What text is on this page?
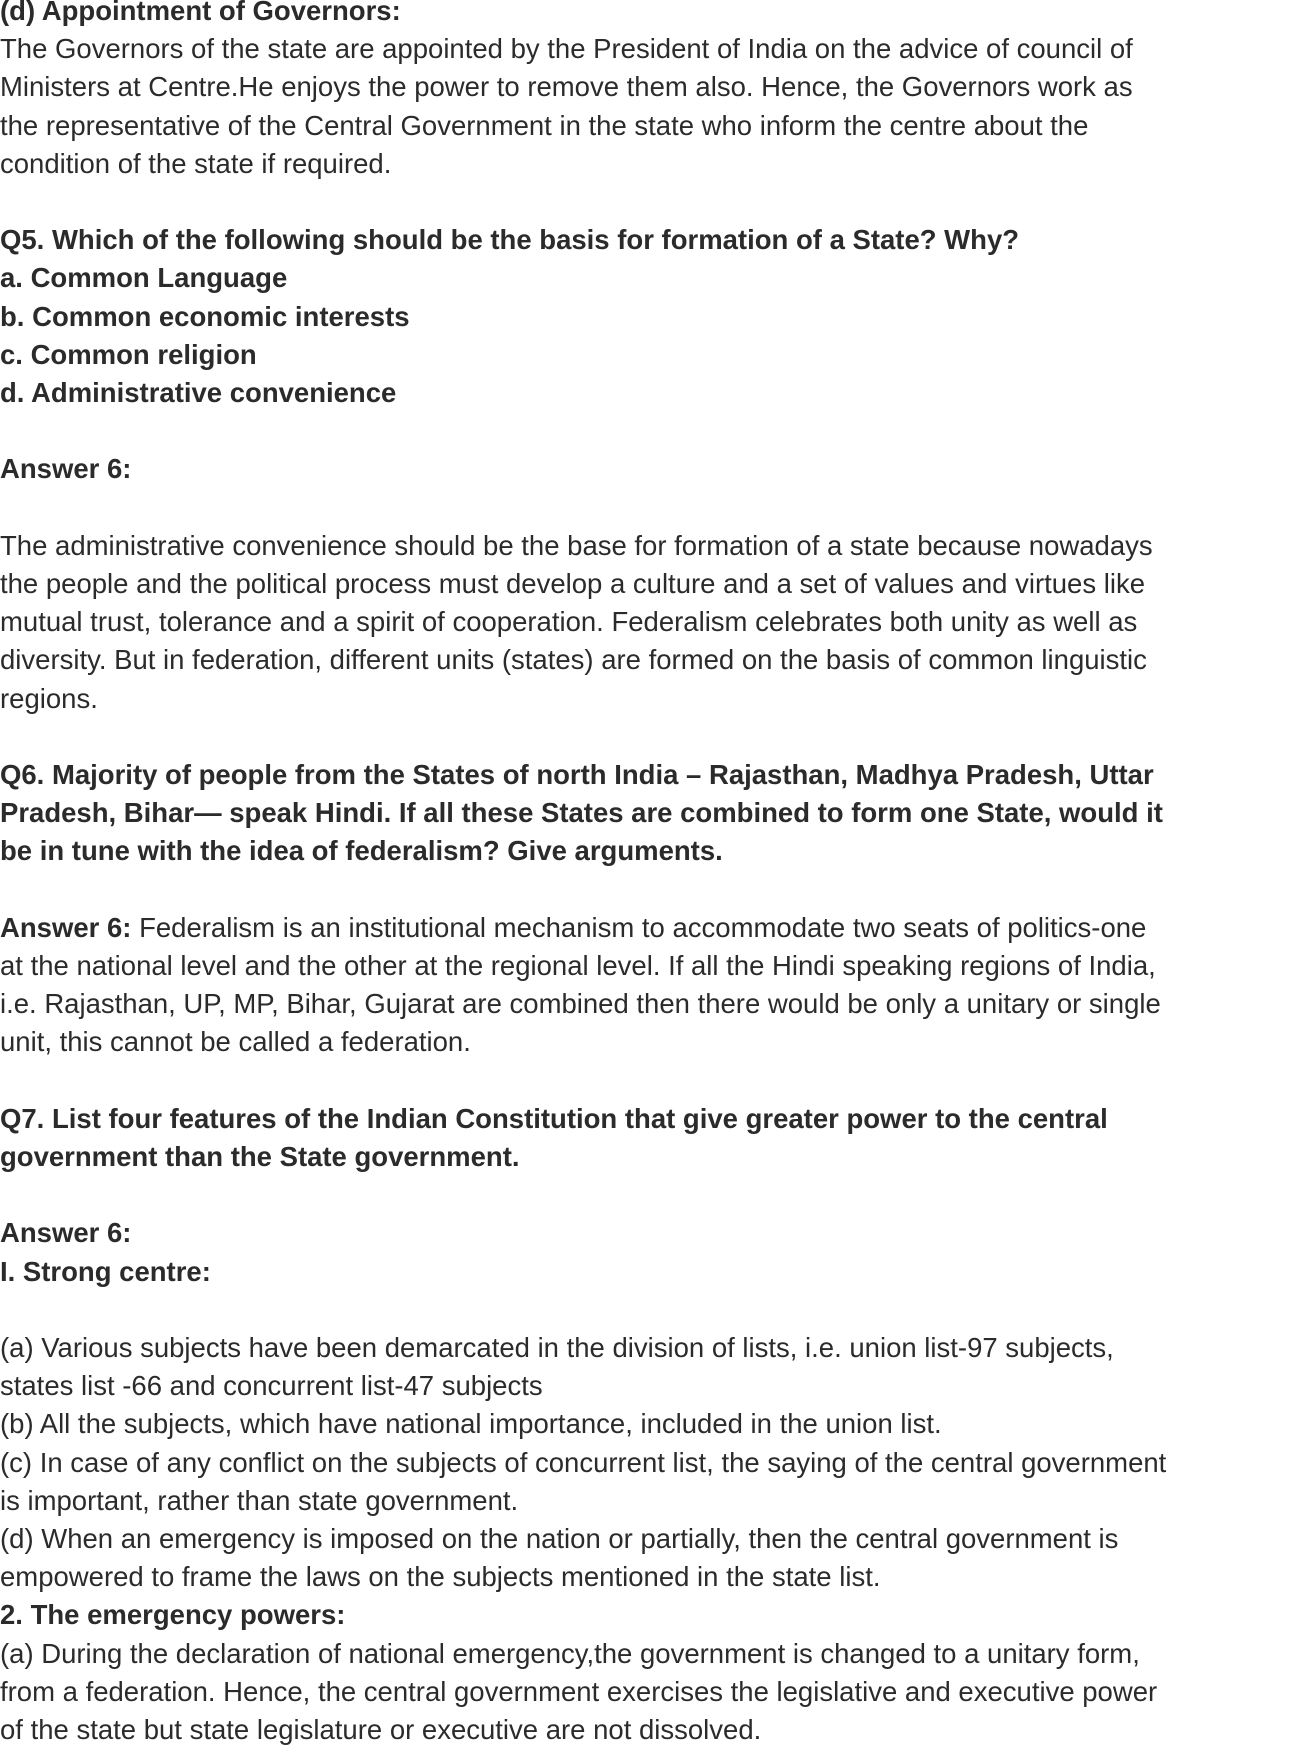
(d) Appointment of Governors:
The Governors of the state are appointed by the President of India on the advice of council of
Ministers at Centre.He enjoys the power to remove them also. Hence, the Governors work as
the representative of the Central Government in the state who inform the centre about the
condition of the state if required.
Q5. Which of the following should be the basis for formation of a State? Why?
a. Common Language
b. Common economic interests
c. Common religion
d. Administrative convenience
Answer 6:
The administrative convenience should be the base for formation of a state because nowadays
the people and the political process must develop a culture and a set of values and virtues like
mutual trust, tolerance and a spirit of cooperation. Federalism celebrates both unity as well as
diversity. But in federation, different units (states) are formed on the basis of common linguistic
regions.
Q6. Majority of people from the States of north India – Rajasthan, Madhya Pradesh, Uttar
Pradesh, Bihar— speak Hindi. If all these States are combined to form one State, would it
be in tune with the idea of federalism? Give arguments.
Answer 6: Federalism is an institutional mechanism to accommodate two seats of politics-one
at the national level and the other at the regional level. If all the Hindi speaking regions of India,
i.e. Rajasthan, UP, MP, Bihar, Gujarat are combined then there would be only a unitary or single
unit, this cannot be called a federation.
Q7. List four features of the Indian Constitution that give greater power to the central
government than the State government.
Answer 6:
I. Strong centre:
(a) Various subjects have been demarcated in the division of lists, i.e. union list-97 subjects,
states list -66 and concurrent list-47 subjects
(b) All the subjects, which have national importance, included in the union list.
(c) In case of any conflict on the subjects of concurrent list, the saying of the central government
is important, rather than state government.
(d) When an emergency is imposed on the nation or partially, then the central government is
empowered to frame the laws on the subjects mentioned in the state list.
2. The emergency powers:
(a) During the declaration of national emergency,the government is changed to a unitary form,
from a federation. Hence, the central government exercises the legislative and executive power
of the state but state legislature or executive are not dissolved.
